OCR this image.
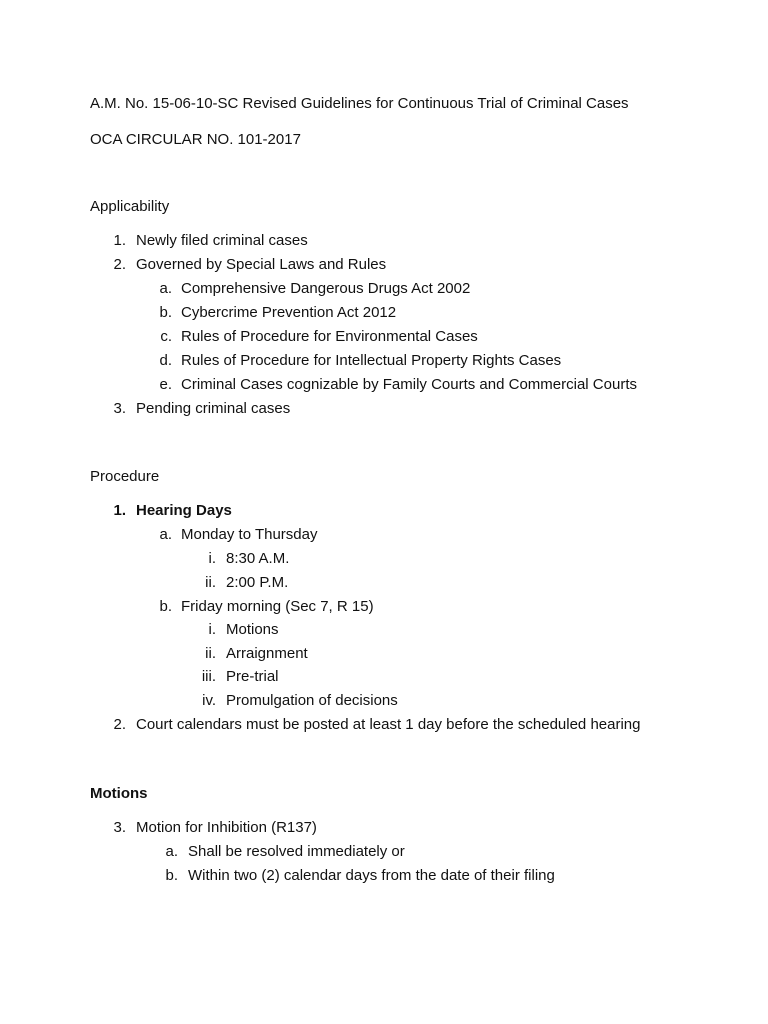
A.M. No. 15-06-10-SC Revised Guidelines for Continuous Trial of Criminal Cases
OCA CIRCULAR NO. 101-2017
Applicability
1. Newly filed criminal cases
2. Governed by Special Laws and Rules
a. Comprehensive Dangerous Drugs Act 2002
b. Cybercrime Prevention Act 2012
c. Rules of Procedure for Environmental Cases
d. Rules of Procedure for Intellectual Property Rights Cases
e. Criminal Cases cognizable by Family Courts and Commercial Courts
3. Pending criminal cases
Procedure
1. Hearing Days
a. Monday to Thursday
i. 8:30 A.M.
ii. 2:00 P.M.
b. Friday morning (Sec 7, R 15)
i. Motions
ii. Arraignment
iii. Pre-trial
iv. Promulgation of decisions
2. Court calendars must be posted at least 1 day before the scheduled hearing
Motions
3. Motion for Inhibition (R137)
a. Shall be resolved immediately or
b. Within two (2) calendar days from the date of their filing
